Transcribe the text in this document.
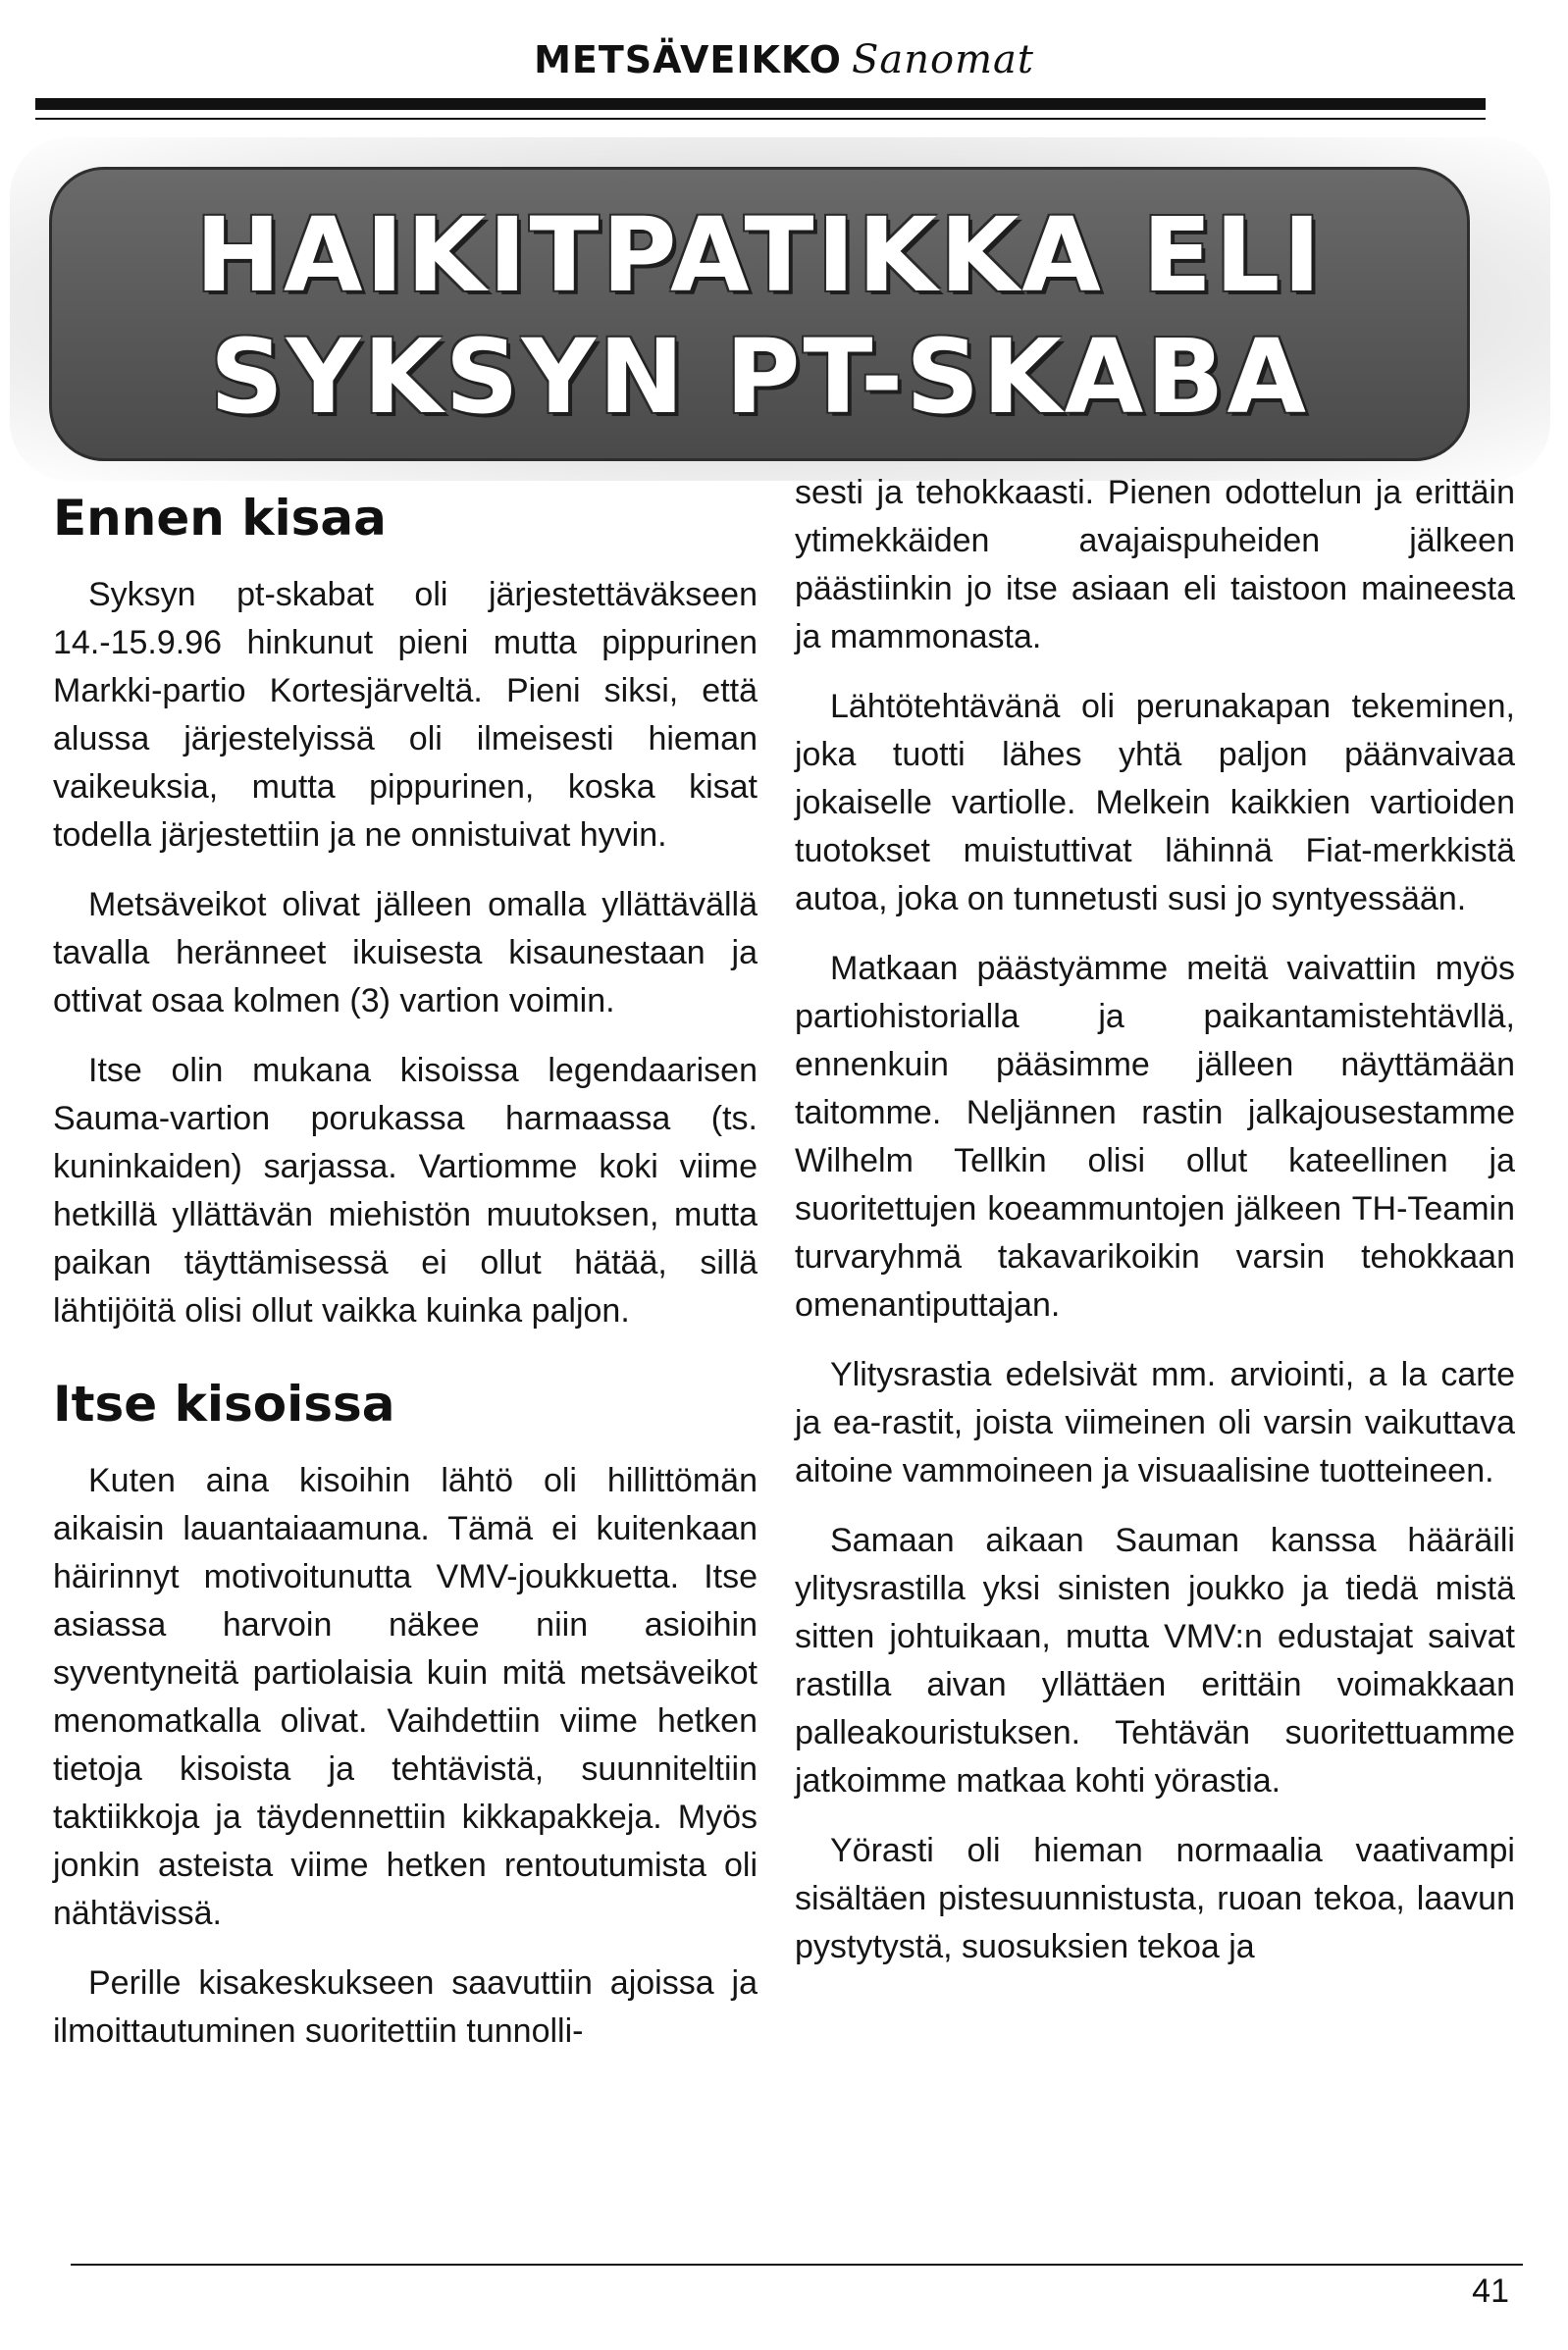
METSÄVEIKKO Sanomat
HAIKITPATIKKA ELI
SYKSYN PT-SKABA
Ennen kisaa

Syksyn pt-skabat oli järjestettäväkseen 14.-15.9.96 hinkunut pieni mutta pippurinen Markki-partio Kortesjärveltä. Pieni siksi, että alussa järjestelyissä oli ilmeisesti hieman vaikeuksia, mutta pippurinen, koska kisat todella järjestettiin ja ne onnistuivat hyvin.

Metsäveikot olivat jälleen omalla yllättävällä tavalla heränneet ikuisesta kisaunestaan ja ottivat osaa kolmen (3) vartion voimin.

Itse olin mukana kisoissa legendaarisen Sauma-vartion porukassa harmaassa (ts. kuninkaiden) sarjassa. Vartiomme koki viime hetkillä yllättävän miehistön muutoksen, mutta paikan täyttämisessä ei ollut hätää, sillä lähtijöitä olisi ollut vaikka kuinka paljon.

Itse kisoissa

Kuten aina kisoihin lähtö oli hillittömän aikaisin lauantaiaamuna. Tämä ei kuitenkaan häirinnyt motivoitunutta VMV-joukkuetta. Itse asiassa harvoin näkee niin asioihin syventyneitä partiolaisia kuin mitä metsäveikot menomatkalla olivat. Vaihdettiin viime hetken tietoja kisoista ja tehtävistä, suunniteltiin taktiikkoja ja täydennettiin kikkapakkeja. Myös jonkin asteista viime hetken rentoutumista oli nähtävissä.

Perille kisakeskukseen saavuttiin ajoissa ja ilmoittautuminen suoritettiin tunnolli-

sesti ja tehokkaasti. Pienen odottelun ja erittäin ytimekkäiden avajaispuheiden jälkeen päästiinkin jo itse asiaan eli taistoon maineesta ja mammonasta.

Lähtötehtävänä oli perunakapan tekeminen, joka tuotti lähes yhtä paljon päänvaivaa jokaiselle vartiolle. Melkein kaikkien vartioiden tuotokset muistuttivat lähinnä Fiat-merkkistä autoa, joka on tunnetusti susi jo syntyessään.

Matkaan päästyämme meitä vaivattiin myös partiohistorialla ja paikantamistehtävllä, ennenkuin pääsimme jälleen näyttämään taitomme. Neljännen rastin jalkajousestamme Wilhelm Tellkin olisi ollut kateellinen ja suoritettujen koeammuntojen jälkeen TH-Teamin turvaryhmä takavarikoikin varsin tehokkaan omenantiputtajan.

Ylitysrastia edelsivät mm. arviointi, a la carte ja ea-rastit, joista viimeinen oli varsin vaikuttava aitoine vammoineen ja visuaalisine tuotteineen.

Samaan aikaan Sauman kanssa hääräili ylitysrastilla yksi sinisten joukko ja tiedä mistä sitten johtuikaan, mutta VMV:n edustajat saivat rastilla aivan yllättäen erittäin voimakkaan palleakouristuksen. Tehtävän suoritettuamme jatkoimme matkaa kohti yörastia.

Yörasti oli hieman normaalia vaativampi sisältäen pistesuunnistusta, ruoan tekoa, laavun pystytystä, suosuksien tekoa ja

41
